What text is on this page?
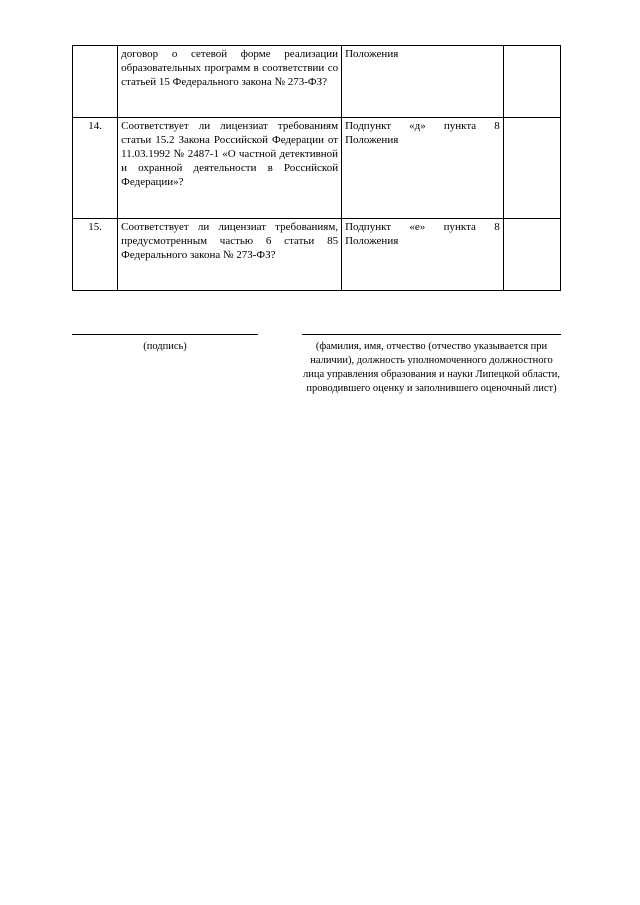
	договор о сетевой форме реализации образовательных программ в соответствии со статьей 15 Федерального закона № 273-ФЗ?	Положения	
14.	Соответствует ли лицензиат требованиям статьи 15.2 Закона Российской Федерации от 11.03.1992 № 2487-1 «О частной детективной и охранной деятельности в Российской Федерации»?	Подпункт «д» пункта 8 Положения	
15.	Соответствует ли лицензиат требованиям, предусмотренным частью 6 статьи 85 Федерального закона № 273-ФЗ?	Подпункт «е» пункта 8 Положения	
(подпись)	(фамилия, имя, отчество (отчество указывается при наличии), должность уполномоченного должностного лица управления образования и науки Липецкой области, проводившего оценку и заполнившего оценочный лист)
